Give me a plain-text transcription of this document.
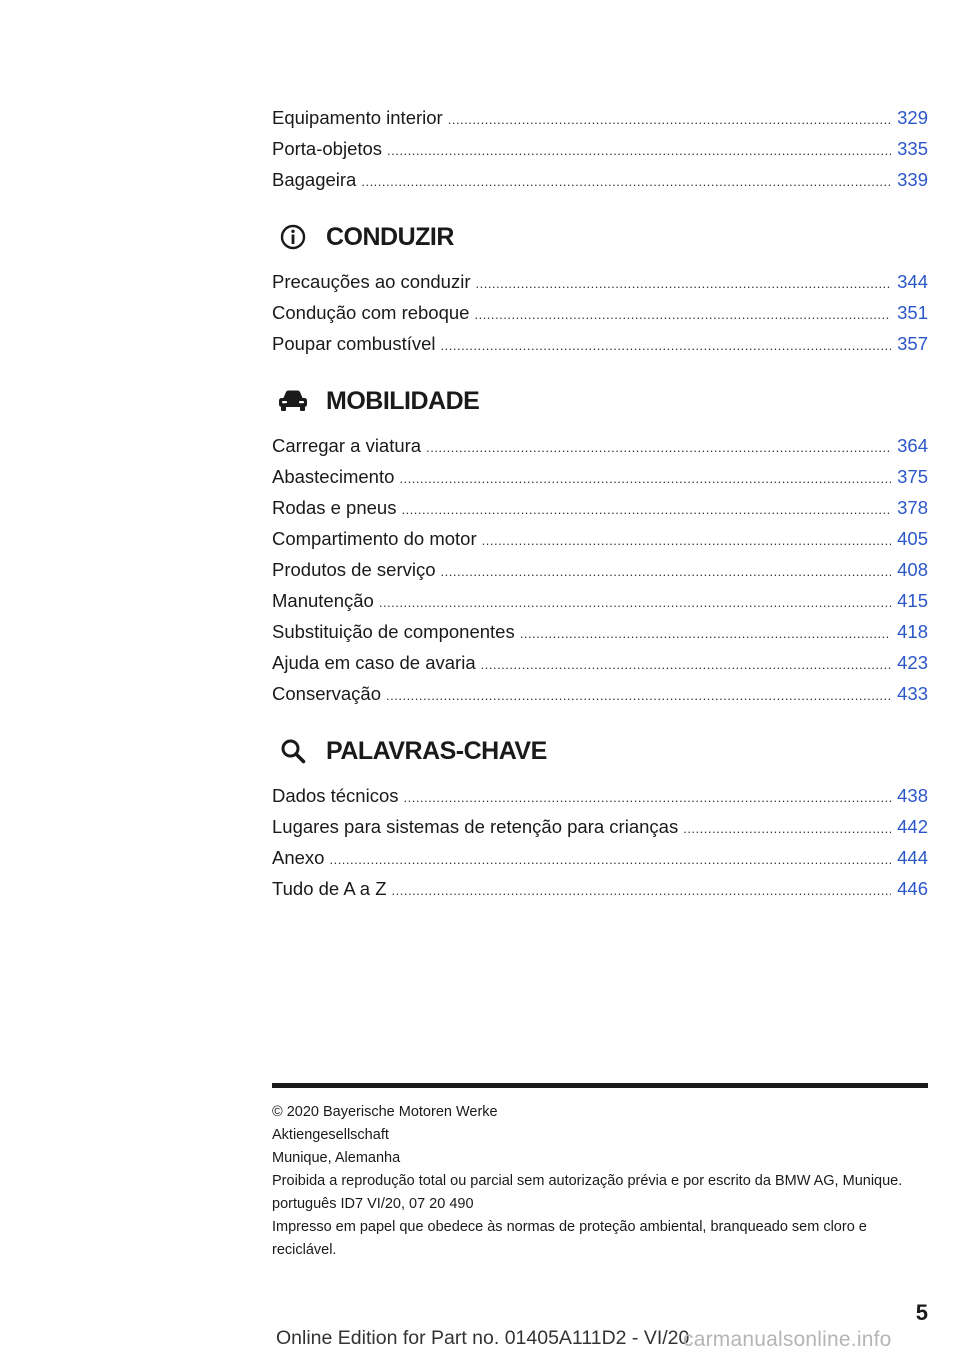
Equipamento interior .....	329
Porta-objetos .....	335
Bagageira .....	339
CONDUZIR
Precauções ao conduzir .....	344
Condução com reboque .....	351
Poupar combustível .....	357
MOBILIDADE
Carregar a viatura .....	364
Abastecimento .....	375
Rodas e pneus .....	378
Compartimento do motor .....	405
Produtos de serviço .....	408
Manutenção .....	415
Substituição de componentes .....	418
Ajuda em caso de avaria .....	423
Conservação .....	433
PALAVRAS-CHAVE
Dados técnicos .....	438
Lugares para sistemas de retenção para crianças .....	442
Anexo .....	444
Tudo de A a Z .....	446
© 2020 Bayerische Motoren Werke
Aktiengesellschaft
Munique, Alemanha
Proibida a reprodução total ou parcial sem autorização prévia e por escrito da BMW AG, Munique.
português ID7 VI/20, 07 20 490
Impresso em papel que obedece às normas de proteção ambiental, branqueado sem cloro e reciclável.
5
Online Edition for Part no. 01405A111D2 - VI/20
carmanualsonline.info
